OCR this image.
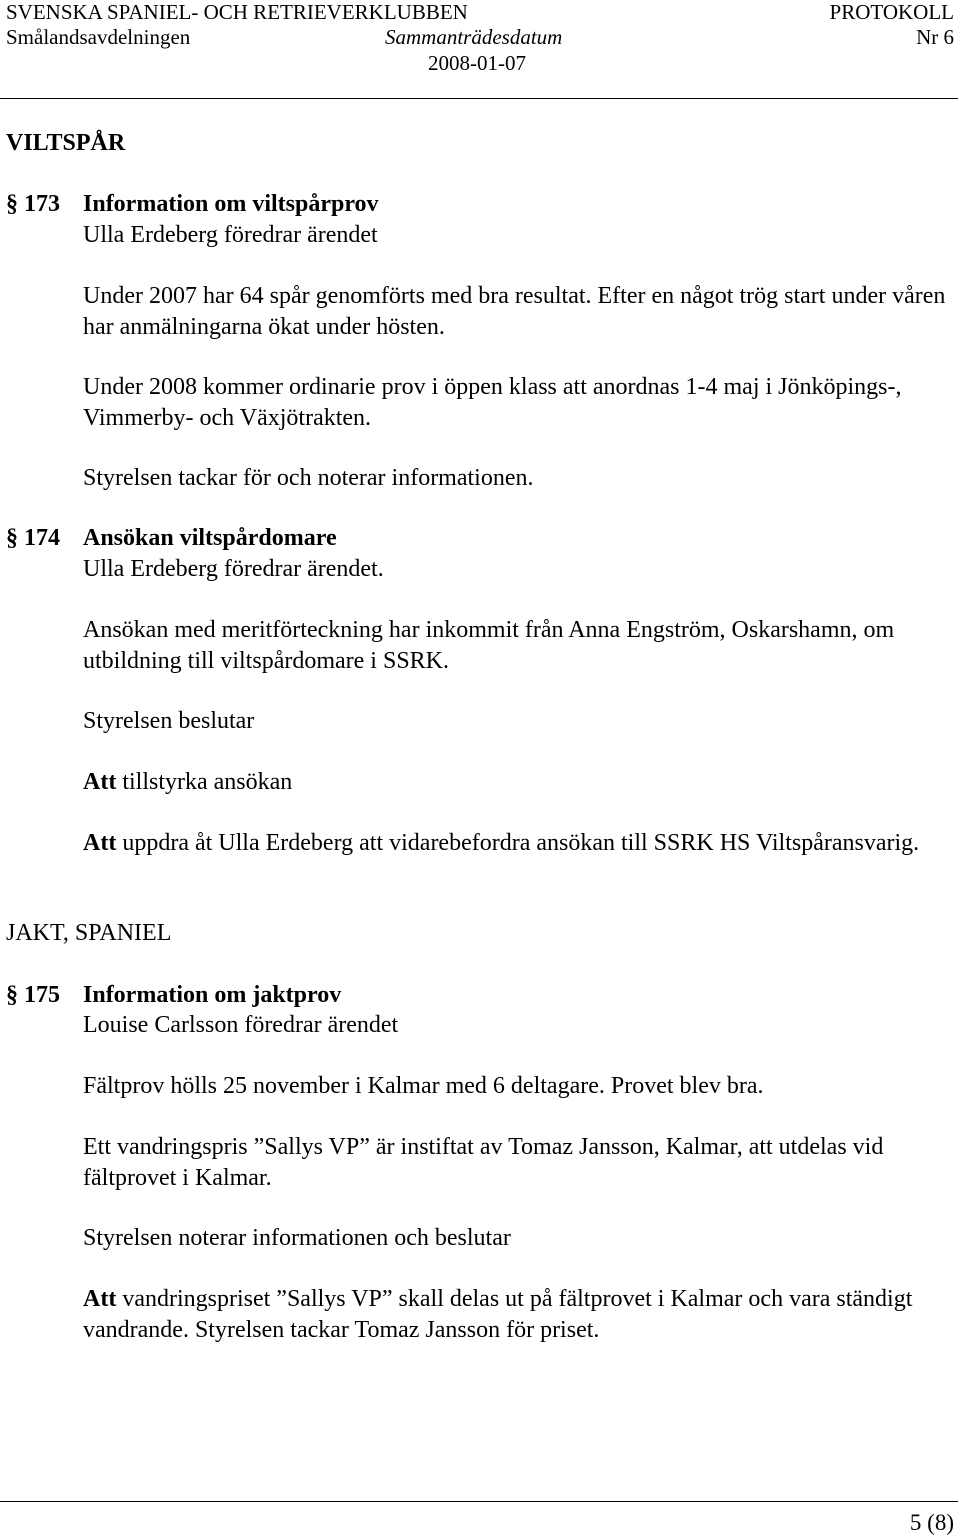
SVENSKA SPANIEL- OCH RETRIEVERKLUBBEN	PROTOKOLL
Smålandsavdelningen	Sammanträdesdatum	Nr 6
2008-01-07
VILTSPÅR
§ 173 Information om viltspårprov
Ulla Erdeberg föredrar ärendet
Under 2007 har 64 spår genomförts med bra resultat. Efter en något trög start under våren har anmälningarna ökat under hösten.
Under 2008 kommer ordinarie prov i öppen klass att anordnas 1-4 maj i Jönköpings-, Vimmerby- och Växjötrakten.
Styrelsen tackar för och noterar informationen.
§ 174 Ansökan viltspårdomare
Ulla Erdeberg föredrar ärendet.
Ansökan med meritförteckning har inkommit från Anna Engström, Oskarshamn, om utbildning till viltspårdomare i SSRK.
Styrelsen beslutar
Att tillstyrka ansökan
Att uppdra åt Ulla Erdeberg att vidarebefordra ansökan till SSRK HS Viltspåransvarig.
JAKT, SPANIEL
§ 175 Information om jaktprov
Louise Carlsson föredrar ärendet
Fältprov hölls 25 november i Kalmar med 6 deltagare. Provet blev bra.
Ett vandringspris ”Sallys VP” är instiftat av Tomaz Jansson, Kalmar, att utdelas vid fältprovet i Kalmar.
Styrelsen noterar informationen och beslutar
Att vandringspriset ”Sallys VP” skall delas ut på fältprovet i Kalmar och vara ständigt vandrande. Styrelsen tackar Tomaz Jansson för priset.
5 (8)
